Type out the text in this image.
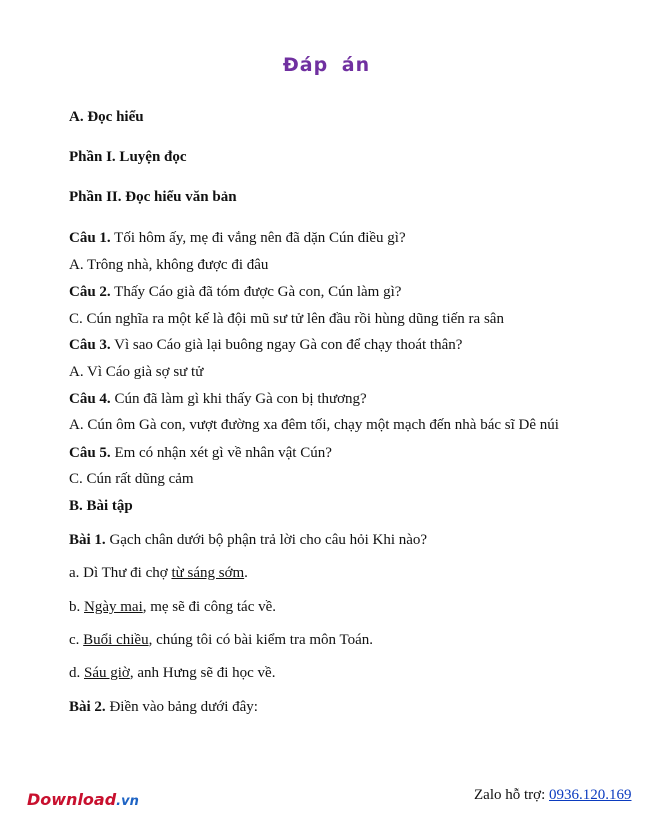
Đáp án
A. Đọc hiểu
Phần I. Luyện đọc
Phần II. Đọc hiểu văn bản
Câu 1. Tối hôm ấy, mẹ đi vắng nên đã dặn Cún điều gì?
A. Trông nhà, không được đi đâu
Câu 2. Thấy Cáo già đã tóm được Gà con, Cún làm gì?
C. Cún nghĩa ra một kế là đội mũ sư tử lên đầu rồi hùng dũng tiến ra sân
Câu 3. Vì sao Cáo già lại buông ngay Gà con để chạy thoát thân?
A. Vì Cáo già sợ sư tử
Câu 4. Cún đã làm gì khi thấy Gà con bị thương?
A. Cún ôm Gà con, vượt đường xa đêm tối, chạy một mạch đến nhà bác sĩ Dê núi
Câu 5. Em có nhận xét gì về nhân vật Cún?
C. Cún rất dũng cảm
B. Bài tập
Bài 1. Gạch chân dưới bộ phận trả lời cho câu hỏi Khi nào?
a. Dì Thư đi chợ từ sáng sớm.
b. Ngày mai, mẹ sẽ đi công tác về.
c. Buổi chiều, chúng tôi có bài kiểm tra môn Toán.
d. Sáu giờ, anh Hưng sẽ đi học về.
Bài 2. Điền vào bảng dưới đây:
Download.vn	Zalo hỗ trợ: 0936.120.169
